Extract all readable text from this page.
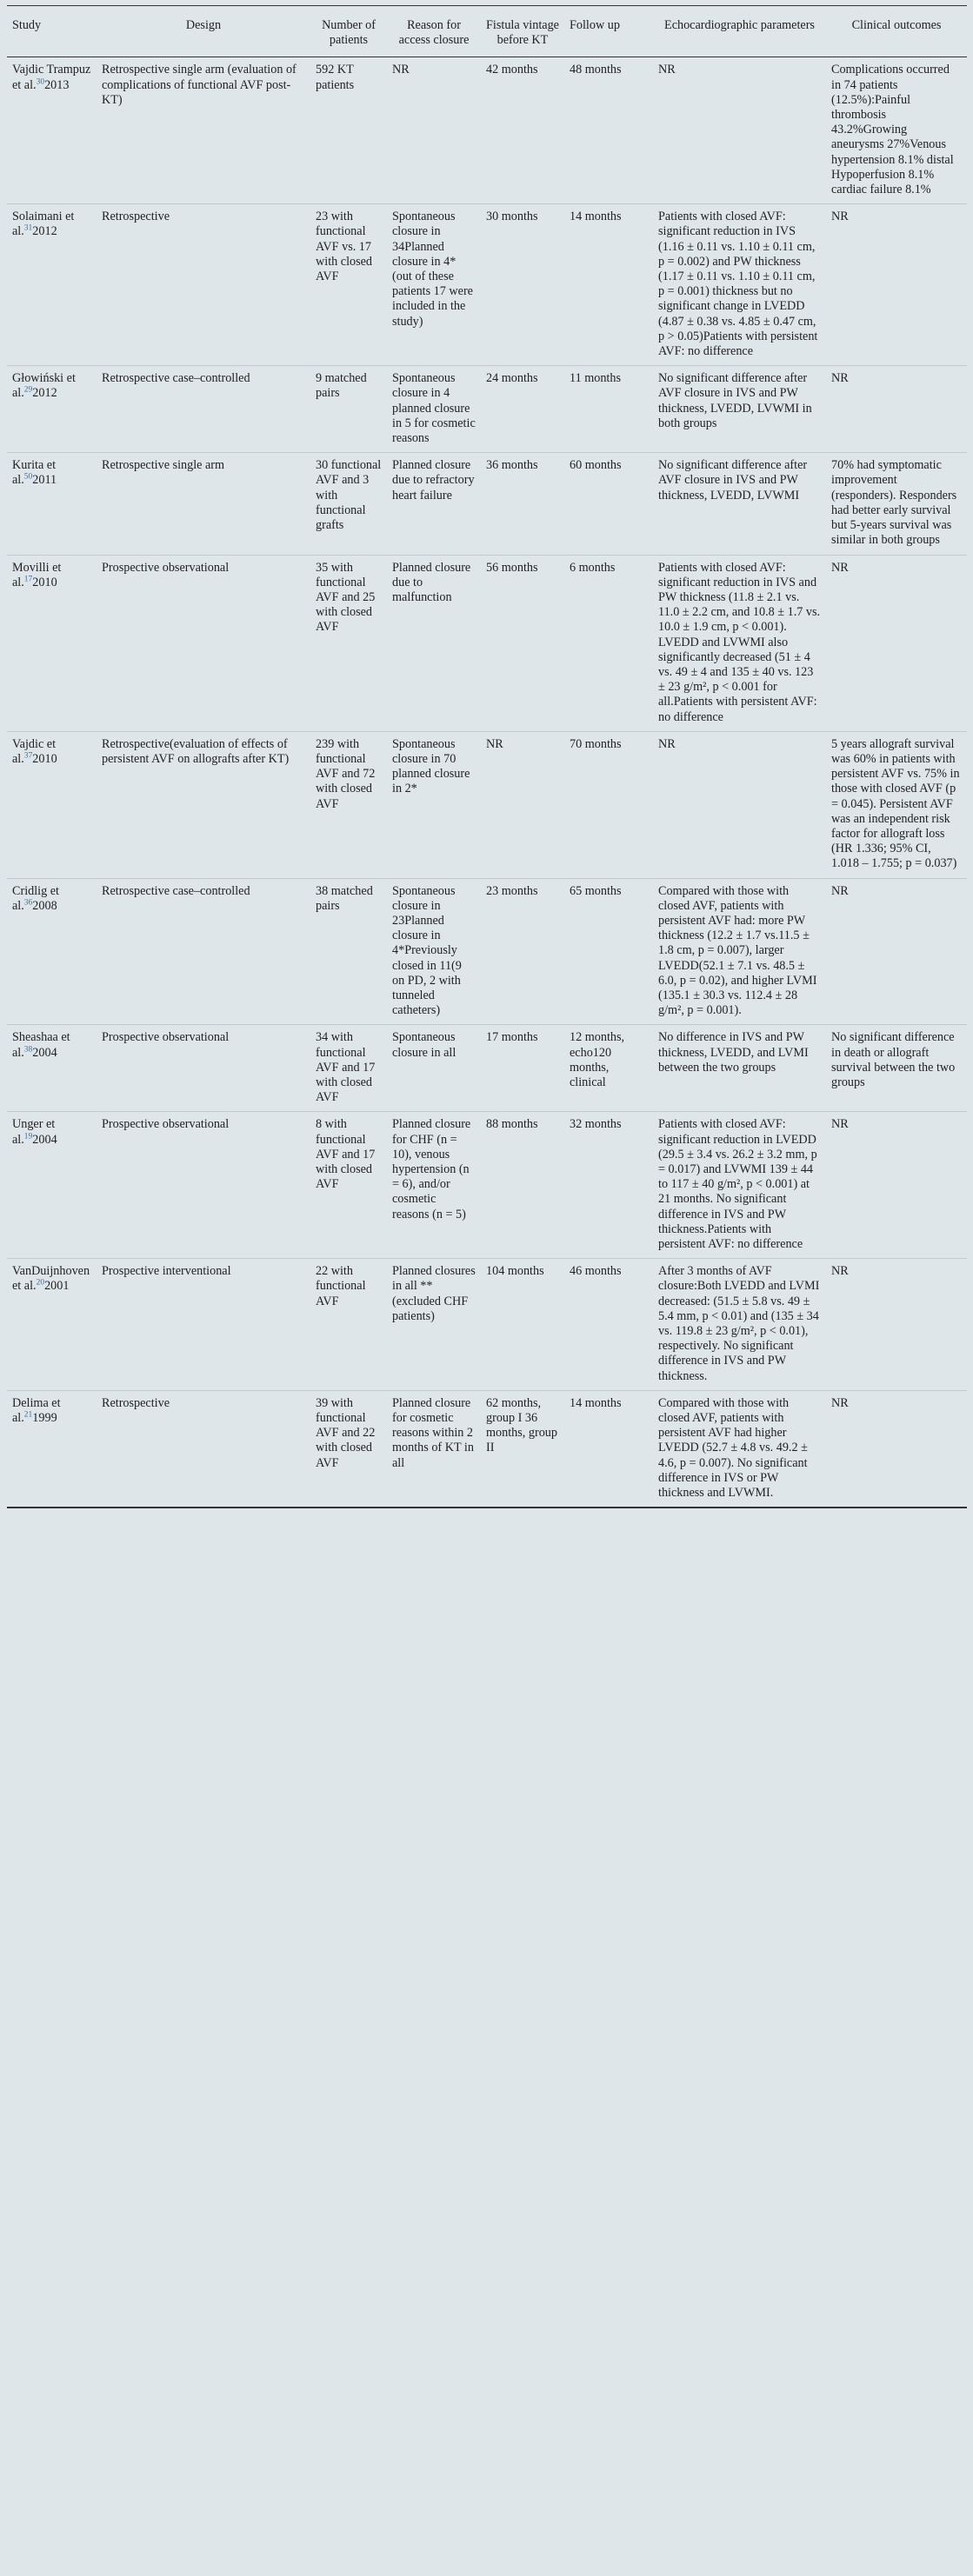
Study	Design	Number of patients	Reason for access closure	Fistula vintage before KT	Follow up	Echocardiographic parameters	Clinical outcomes
Vajdic Trampuz et al.$^{30}$2013	Retrospective single arm (evaluation of complications of functional AVF post-KT)	592 KT patients	NR	42 months	48 months	NR	Complications occurred in 74 patients (12.5%):Painful thrombosis 43.2%Growing aneurysms 27%Venous hypertension 8.1% distal Hypoperfusion 8.1% cardiac failure 8.1%
Solaimani et al.$^{31}$2012	Retrospective	23 with functional AVF vs. 17 with closed AVF	Spontaneous closure in 34Planned closure in 4* (out of these patients 17 were included in the study)	30 months	14 months	Patients with closed AVF: significant reduction in IVS (1.16 ± 0.11 vs. 1.10 ± 0.11 cm, p = 0.002) and PW thickness (1.17 ± 0.11 vs. 1.10 ± 0.11 cm, p = 0.001) thickness but no significant change in LVEDD (4.87 ± 0.38 vs. 4.85 ± 0.47 cm, p > 0.05)Patients with persistent AVF: no difference	NR
Głowiński et al.$^{29}$2012	Retrospective case–controlled	9 matched pairs	Spontaneous closure in 4 planned closure in 5 for cosmetic reasons	24 months	11 months	No significant difference after AVF closure in IVS and PW thickness, LVEDD, LVWMI in both groups	NR
Kurita et al.$^{50}$2011	Retrospective single arm	30 functional AVF and 3 with functional grafts	Planned closure due to refractory heart failure	36 months	60 months	No significant difference after AVF closure in IVS and PW thickness, LVEDD, LVWMI	70% had symptomatic improvement (responders). Responders had better early survival but 5-years survival was similar in both groups
Movilli et al.$^{17}$2010	Prospective observational	35 with functional AVF and 25 with closed AVF	Planned closure due to malfunction	56 months	6 months	Patients with closed AVF: significant reduction in IVS and PW thickness (11.8 ± 2.1 vs. 11.0 ± 2.2 cm, and 10.8 ± 1.7 vs. 10.0 ± 1.9 cm, p < 0.001). LVEDD and LVWMI also significantly decreased (51 ± 4 vs. 49 ± 4 and 135 ± 40 vs. 123 ± 23 g/m², p < 0.001 for all.Patients with persistent AVF: no difference	NR
Vajdic et al.$^{37}$2010	Retrospective(evaluation of effects of persistent AVF on allografts after KT)	239 with functional AVF and 72 with closed AVF	Spontaneous closure in 70 planned closure in 2*	NR	70 months	NR	5 years allograft survival was 60% in patients with persistent AVF vs. 75% in those with closed AVF (p = 0.045). Persistent AVF was an independent risk factor for allograft loss (HR 1.336; 95% CI, 1.018 – 1.755; p = 0.037)
Cridlig et al.$^{36}$2008	Retrospective case–controlled	38 matched pairs	Spontaneous closure in 23Planned closure in 4*Previously closed in 11(9 on PD, 2 with tunneled catheters)	23 months	65 months	Compared with those with closed AVF, patients with persistent AVF had: more PW thickness (12.2 ± 1.7 vs.11.5 ± 1.8 cm, p = 0.007), larger LVEDD(52.1 ± 7.1 vs. 48.5 ± 6.0, p = 0.02), and higher LVMI (135.1 ± 30.3 vs. 112.4 ± 28 g/m², p = 0.001).	NR
Sheashaa et al.$^{38}$2004	Prospective observational	34 with functional AVF and 17 with closed AVF	Spontaneous closure in all	17 months	12 months, echo120 months, clinical	No difference in IVS and PW thickness, LVEDD, and LVMI between the two groups	No significant difference in death or allograft survival between the two groups
Unger et al.$^{19}$2004	Prospective observational	8 with functional AVF and 17 with closed AVF	Planned closure for CHF (n = 10), venous hypertension (n = 6), and/or cosmetic reasons (n = 5)	88 months	32 months	Patients with closed AVF: significant reduction in LVEDD (29.5 ± 3.4 vs. 26.2 ± 3.2 mm, p = 0.017) and LVWMI 139 ± 44 to 117 ± 40 g/m², p < 0.001) at 21 months. No significant difference in IVS and PW thickness.Patients with persistent AVF: no difference	NR
VanDuijnhoven et al.$^{20}$2001	Prospective interventional	22 with functional AVF	Planned closures in all ** (excluded CHF patients)	104 months	46 months	After 3 months of AVF closure:Both LVEDD and LVMI decreased: (51.5 ± 5.8 vs. 49 ± 5.4 mm, p < 0.01) and (135 ± 34 vs. 119.8 ± 23 g/m², p < 0.01), respectively. No significant difference in IVS and PW thickness.	NR
Delima et al.$^{21}$1999	Retrospective	39 with functional AVF and 22 with closed AVF	Planned closure for cosmetic reasons within 2 months of KT in all	62 months, group I 36 months, group II	14 months	Compared with those with closed AVF, patients with persistent AVF had higher LVEDD (52.7 ± 4.8 vs. 49.2 ± 4.6, p = 0.007). No significant difference in IVS or PW thickness and LVWMI.	NR
